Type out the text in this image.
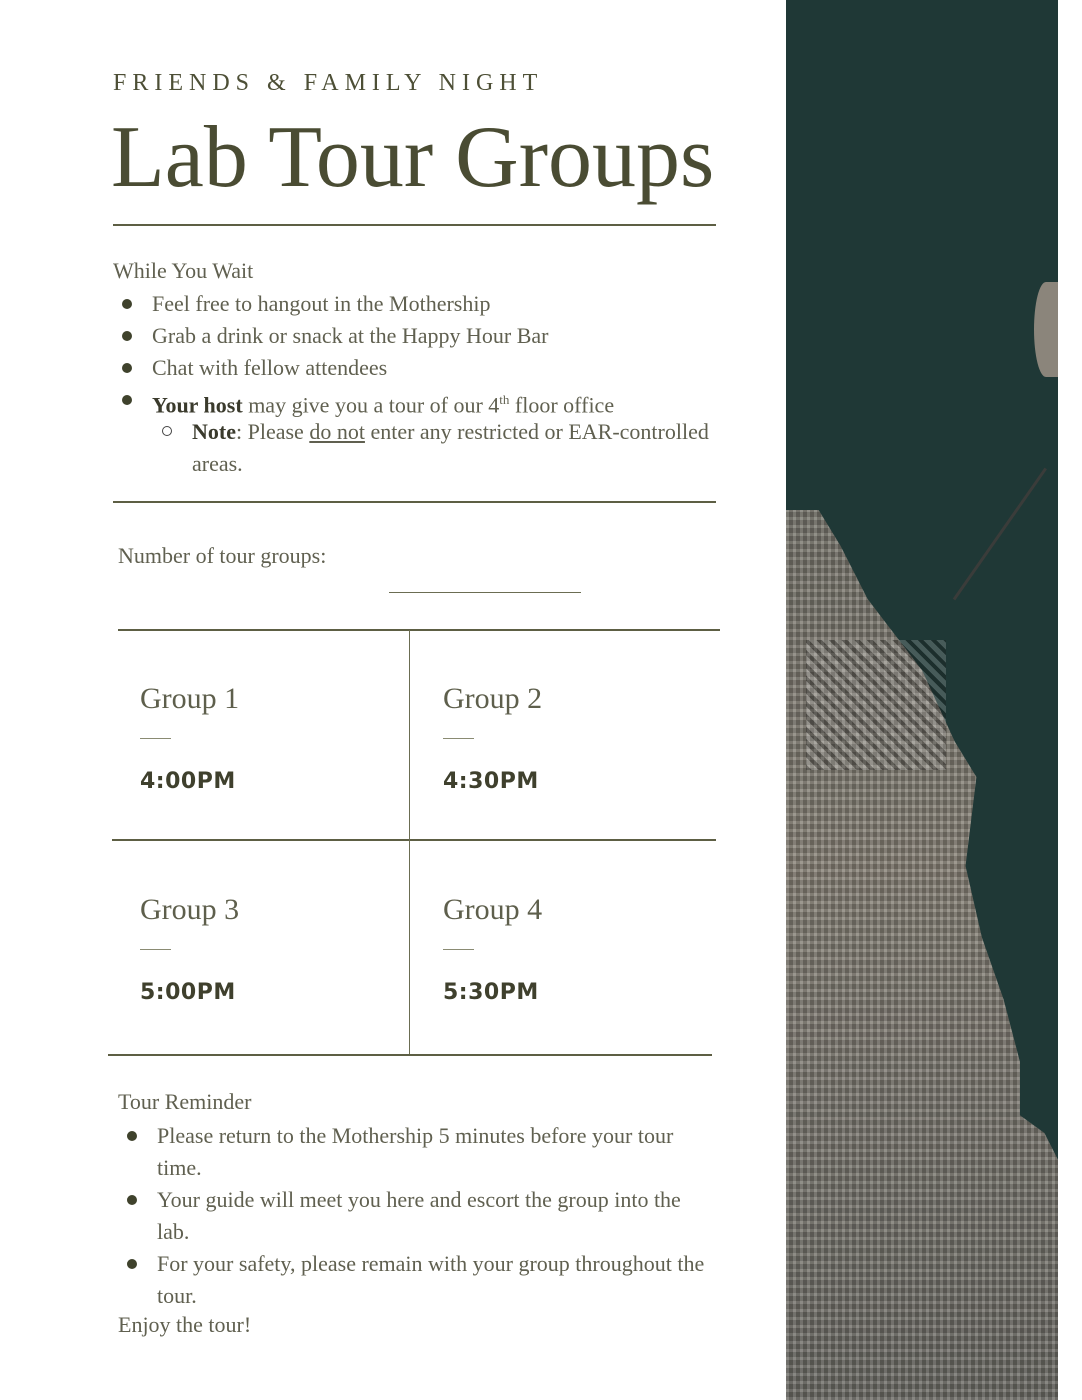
FRIENDS & FAMILY NIGHT
Lab Tour Groups
While You Wait
Feel free to hangout in the Mothership
Grab a drink or snack at the Happy Hour Bar
Chat with fellow attendees
Your host may give you a tour of our 4th floor office
Note: Please do not enter any restricted or EAR-controlled areas.
Number of tour groups:
Group 1
4:00PM
Group 2
4:30PM
Group 3
5:00PM
Group 4
5:30PM
Tour Reminder
Please return to the Mothership 5 minutes before your tour time.
Your guide will meet you here and escort the group into the lab.
For your safety, please remain with your group throughout the tour.
Enjoy the tour!
